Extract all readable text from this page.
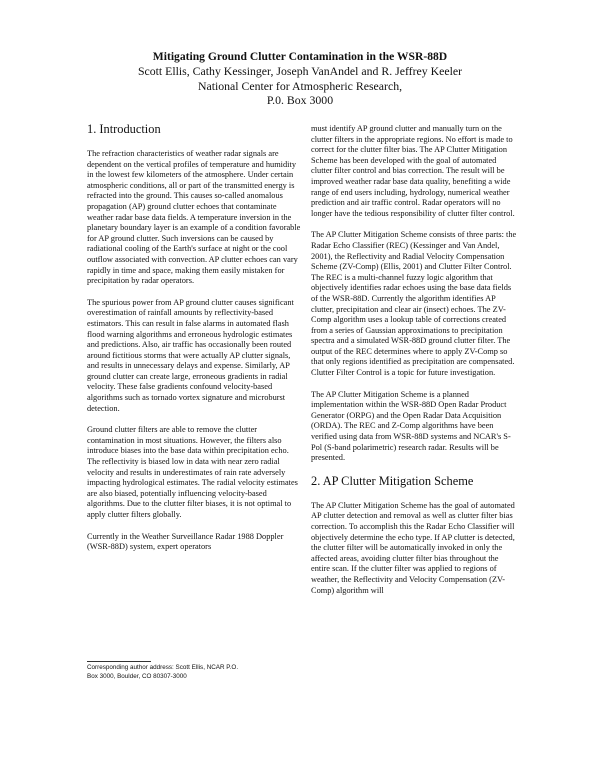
Mitigating Ground Clutter Contamination in the WSR-88D
Scott Ellis, Cathy Kessinger, Joseph VanAndel and R. Jeffrey Keeler
National Center for Atmospheric Research,
P.0. Box 3000
1. Introduction

The refraction characteristics of weather radar signals are dependent on the vertical profiles of temperature and humidity in the lowest few kilometers of the atmosphere. Under certain atmospheric conditions, all or part of the transmitted energy is refracted into the ground. This causes so-called anomalous propagation (AP) ground clutter echoes that contaminate weather radar base data fields. A temperature inversion in the planetary boundary layer is an example of a condition favorable for AP ground clutter. Such inversions can be caused by radiational cooling of the Earth's surface at night or the cool outflow associated with convection. AP clutter echoes can vary rapidly in time and space, making them easily mistaken for precipitation by radar operators.

The spurious power from AP ground clutter causes significant overestimation of rainfall amounts by reflectivity-based estimators. This can result in false alarms in automated flash flood warning algorithms and erroneous hydrologic estimates and predictions. Also, air traffic has occasionally been routed around fictitious storms that were actually AP clutter signals, and results in unnecessary delays and expense. Similarly, AP ground clutter can create large, erroneous gradients in radial velocity. These false gradients confound velocity-based algorithms such as tornado vortex signature and microburst detection.

Ground clutter filters are able to remove the clutter contamination in most situations. However, the filters also introduce biases into the base data within precipitation echo. The reflectivity is biased low in data with near zero radial velocity and results in underestimates of rain rate adversely impacting hydrological estimates. The radial velocity estimates are also biased, potentially influencing velocity-based algorithms. Due to the clutter filter biases, it is not optimal to apply clutter filters globally.

Currently in the Weather Surveillance Radar 1988 Doppler (WSR-88D) system, expert operators

Corresponding author address: Scott Ellis, NCAR P.O.
Box 3000, Boulder, CO 80307-3000

must identify AP ground clutter and manually turn on the clutter filters in the appropriate regions. No effort is made to correct for the clutter filter bias. The AP Clutter Mitigation Scheme has been developed with the goal of automated clutter filter control and bias correction. The result will be improved weather radar base data quality, benefiting a wide range of end users including, hydrology, numerical weather prediction and air traffic control. Radar operators will no longer have the tedious responsibility of clutter filter control.

The AP Clutter Mitigation Scheme consists of three parts: the Radar Echo Classifier (REC) (Kessinger and Van Andel, 2001), the Reflectivity and Radial Velocity Compensation Scheme (ZV-Comp) (Ellis, 2001) and Clutter Filter Control. The REC is a multi-channel fuzzy logic algorithm that objectively identifies radar echoes using the base data fields of the WSR-88D. Currently the algorithm identifies AP clutter, precipitation and clear air (insect) echoes. The ZV-Comp algorithm uses a lookup table of corrections created from a series of Gaussian approximations to precipitation spectra and a simulated WSR-88D ground clutter filter. The output of the REC determines where to apply ZV-Comp so that only regions identified as precipitation are compensated. Clutter Filter Control is a topic for future investigation.

The AP Clutter Mitigation Scheme is a planned implementation within the WSR-88D Open Radar Product Generator (ORPG) and the Open Radar Data Acquisition (ORDA). The REC and Z-Comp algorithms have been verified using data from WSR-88D systems and NCAR's S-Pol (S-band polarimetric) research radar. Results will be presented.

2. AP Clutter Mitigation Scheme

The AP Clutter Mitigation Scheme has the goal of automated AP clutter detection and removal as well as clutter filter bias correction. To accomplish this the Radar Echo Classifier will objectively determine the echo type. If AP clutter is detected, the clutter filter will be automatically invoked in only the affected areas, avoiding clutter filter bias throughout the entire scan. If the clutter filter was applied to regions of weather, the Reflectivity and Velocity Compensation (ZV-Comp) algorithm will
